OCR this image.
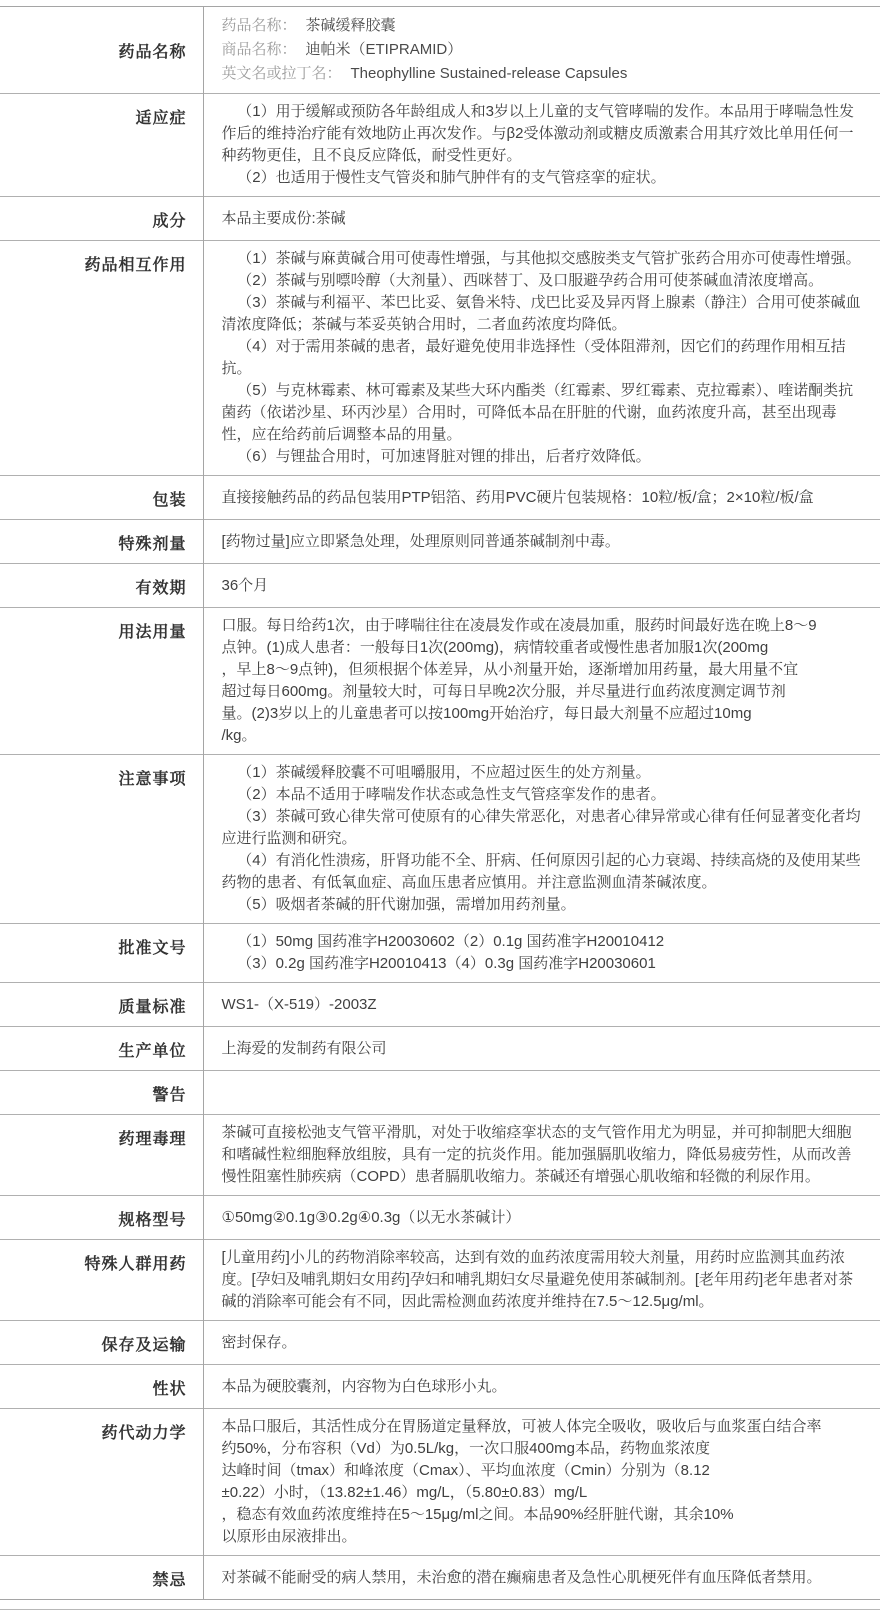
药品名称	药品名称： 茶碱缓释胶囊

商品名称： 迪帕米（ETIPRAMID）

英文名或拉丁名： Theophylline Sustained-release Capsules

适应症	（1）用于缓解或预防各年龄组成人和3岁以上儿童的支气管哮喘的发作。本品用于哮喘急性发作后的维持治疗能有效地防止再次发作。与β2受体激动剂或糖皮质激素合用其疗效比单用任何一种药物更佳，且不良反应降低，耐受性更好。

（2）也适用于慢性支气管炎和肺气肿伴有的支气管痉挛的症状。

成分	本品主要成份:茶碱

药品相互作用	（1）茶碱与麻黄碱合用可使毒性增强，与其他拟交感胺类支气管扩张药合用亦可使毒性增强。

（2）茶碱与别嘌呤醇（大剂量）、西咪替丁、及口服避孕药合用可使茶碱血清浓度增高。

（3）茶碱与利福平、苯巴比妥、氨鲁米特、戊巴比妥及异丙肾上腺素（静注）合用可使茶碱血清浓度降低；茶碱与苯妥英钠合用时，二者血药浓度均降低。

（4）对于需用茶碱的患者，最好避免使用非选择性（受体阻滞剂，因它们的药理作用相互拮抗。

（5）与克林霉素、林可霉素及某些大环内酯类（红霉素、罗红霉素、克拉霉素）、喹诺酮类抗菌药（依诺沙星、环丙沙星）合用时，可降低本品在肝脏的代谢，血药浓度升高，甚至出现毒性，应在给药前后调整本品的用量。

（6）与锂盐合用时，可加速肾脏对锂的排出，后者疗效降低。

包装	直接接触药品的药品包装用PTP铝箔、药用PVC硬片包装规格：10粒/板/盒；2×10粒/板/盒

特殊剂量	[药物过量]应立即紧急处理，处理原则同普通茶碱制剂中毒。

有效期	36个月

用法用量	口服。每日给药1次，由于哮喘往往在凌晨发作或在凌晨加重，服药时间最好选在晚上8～9

点钟。(1)成人患者：一般每日1次(200mg)，病情较重者或慢性患者加服1次(200mg

，早上8～9点钟)，但须根据个体差异，从小剂量开始，逐渐增加用药量，最大用量不宜

超过每日600mg。剂量较大时，可每日早晚2次分服，并尽量进行血药浓度测定调节剂

量。(2)3岁以上的儿童患者可以按100mg开始治疗，每日最大剂量不应超过10mg

/kg。

注意事项	（1）茶碱缓释胶囊不可咀嚼服用，不应超过医生的处方剂量。

（2）本品不适用于哮喘发作状态或急性支气管痉挛发作的患者。

（3）茶碱可致心律失常可使原有的心律失常恶化，对患者心律异常或心律有任何显著变化者均应进行监测和研究。

（4）有消化性溃疡，肝肾功能不全、肝病、任何原因引起的心力衰竭、持续高烧的及使用某些药物的患者、有低氧血症、高血压患者应慎用。并注意监测血清茶碱浓度。

（5）吸烟者茶碱的肝代谢加强，需增加用药剂量。

批准文号	（1）50mg 国药准字H20030602（2）0.1g 国药准字H20010412

（3）0.2g 国药准字H20010413（4）0.3g 国药准字H20030601

质量标准	WS1-（X-519）-2003Z

生产单位	上海爱的发制药有限公司

警告	

药理毒理	茶碱可直接松弛支气管平滑肌，对处于收缩痉挛状态的支气管作用尤为明显，并可抑制肥大细胞和嗜碱性粒细胞释放组胺，具有一定的抗炎作用。能加强膈肌收缩力，降低易疲劳性，从而改善慢性阻塞性肺疾病（COPD）患者膈肌收缩力。茶碱还有增强心肌收缩和轻微的利尿作用。

规格型号	①50mg②0.1g③0.2g④0.3g（以无水茶碱计）

特殊人群用药	[儿童用药]小儿的药物消除率较高，达到有效的血药浓度需用较大剂量，用药时应监测其血药浓度。[孕妇及哺乳期妇女用药]孕妇和哺乳期妇女尽量避免使用茶碱制剂。[老年用药]老年患者对茶碱的消除率可能会有不同，因此需检测血药浓度并维持在7.5～12.5μg/ml。

保存及运输	密封保存。

性状	本品为硬胶囊剂，内容物为白色球形小丸。

药代动力学	本品口服后，其活性成分在胃肠道定量释放，可被人体完全吸收，吸收后与血浆蛋白结合率

约50%，分布容积（Vd）为0.5L/kg，一次口服400mg本品，药物血浆浓度

达峰时间（tmax）和峰浓度（Cmax）、平均血浓度（Cmin）分别为（8.12

±0.22）小时，（13.82±1.46）mg/L，（5.80±0.83）mg/L

，稳态有效血药浓度维持在5～15μg/ml之间。本品90%经肝脏代谢，其余10%

以原形由尿液排出。

禁忌	对茶碱不能耐受的病人禁用，未治愈的潜在癫痫患者及急性心肌梗死伴有血压降低者禁用。
